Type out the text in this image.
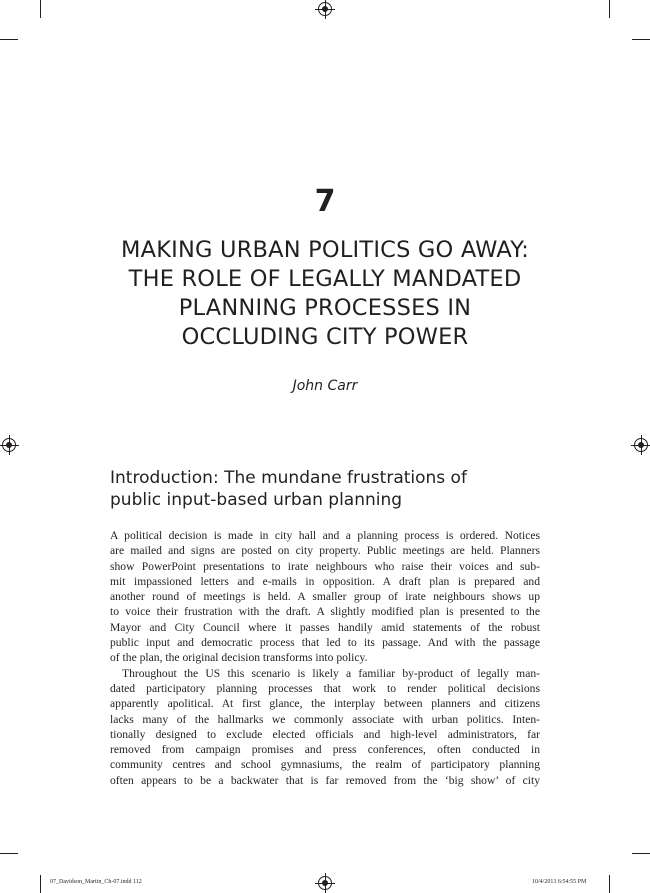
7
MAKING URBAN POLITICS GO AWAY:
THE ROLE OF LEGALLY MANDATED
PLANNING PROCESSES IN
OCCLUDING CITY POWER
John Carr
Introduction: The mundane frustrations of
public input-based urban planning
A political decision is made in city hall and a planning process is ordered. Notices
are mailed and signs are posted on city property. Public meetings are held. Planners
show PowerPoint presentations to irate neighbours who raise their voices and sub-
mit impassioned letters and e-mails in opposition. A draft plan is prepared and
another round of meetings is held. A smaller group of irate neighbours shows up
to voice their frustration with the draft. A slightly modified plan is presented to the
Mayor and City Council where it passes handily amid statements of the robust
public input and democratic process that led to its passage. And with the passage
of the plan, the original decision transforms into policy.
Throughout the US this scenario is likely a familiar by-product of legally man-
dated participatory planning processes that work to render political decisions
apparently apolitical. At first glance, the interplay between planners and citizens
lacks many of the hallmarks we commonly associate with urban politics. Inten-
tionally designed to exclude elected officials and high-level administrators, far
removed from campaign promises and press conferences, often conducted in
community centres and school gymnasiums, the realm of participatory planning
often appears to be a backwater that is far removed from the ‘big show’ of city
07_Davidson_Martin_Ch-07.indd 112	10/4/2013 6:54:55 PM
